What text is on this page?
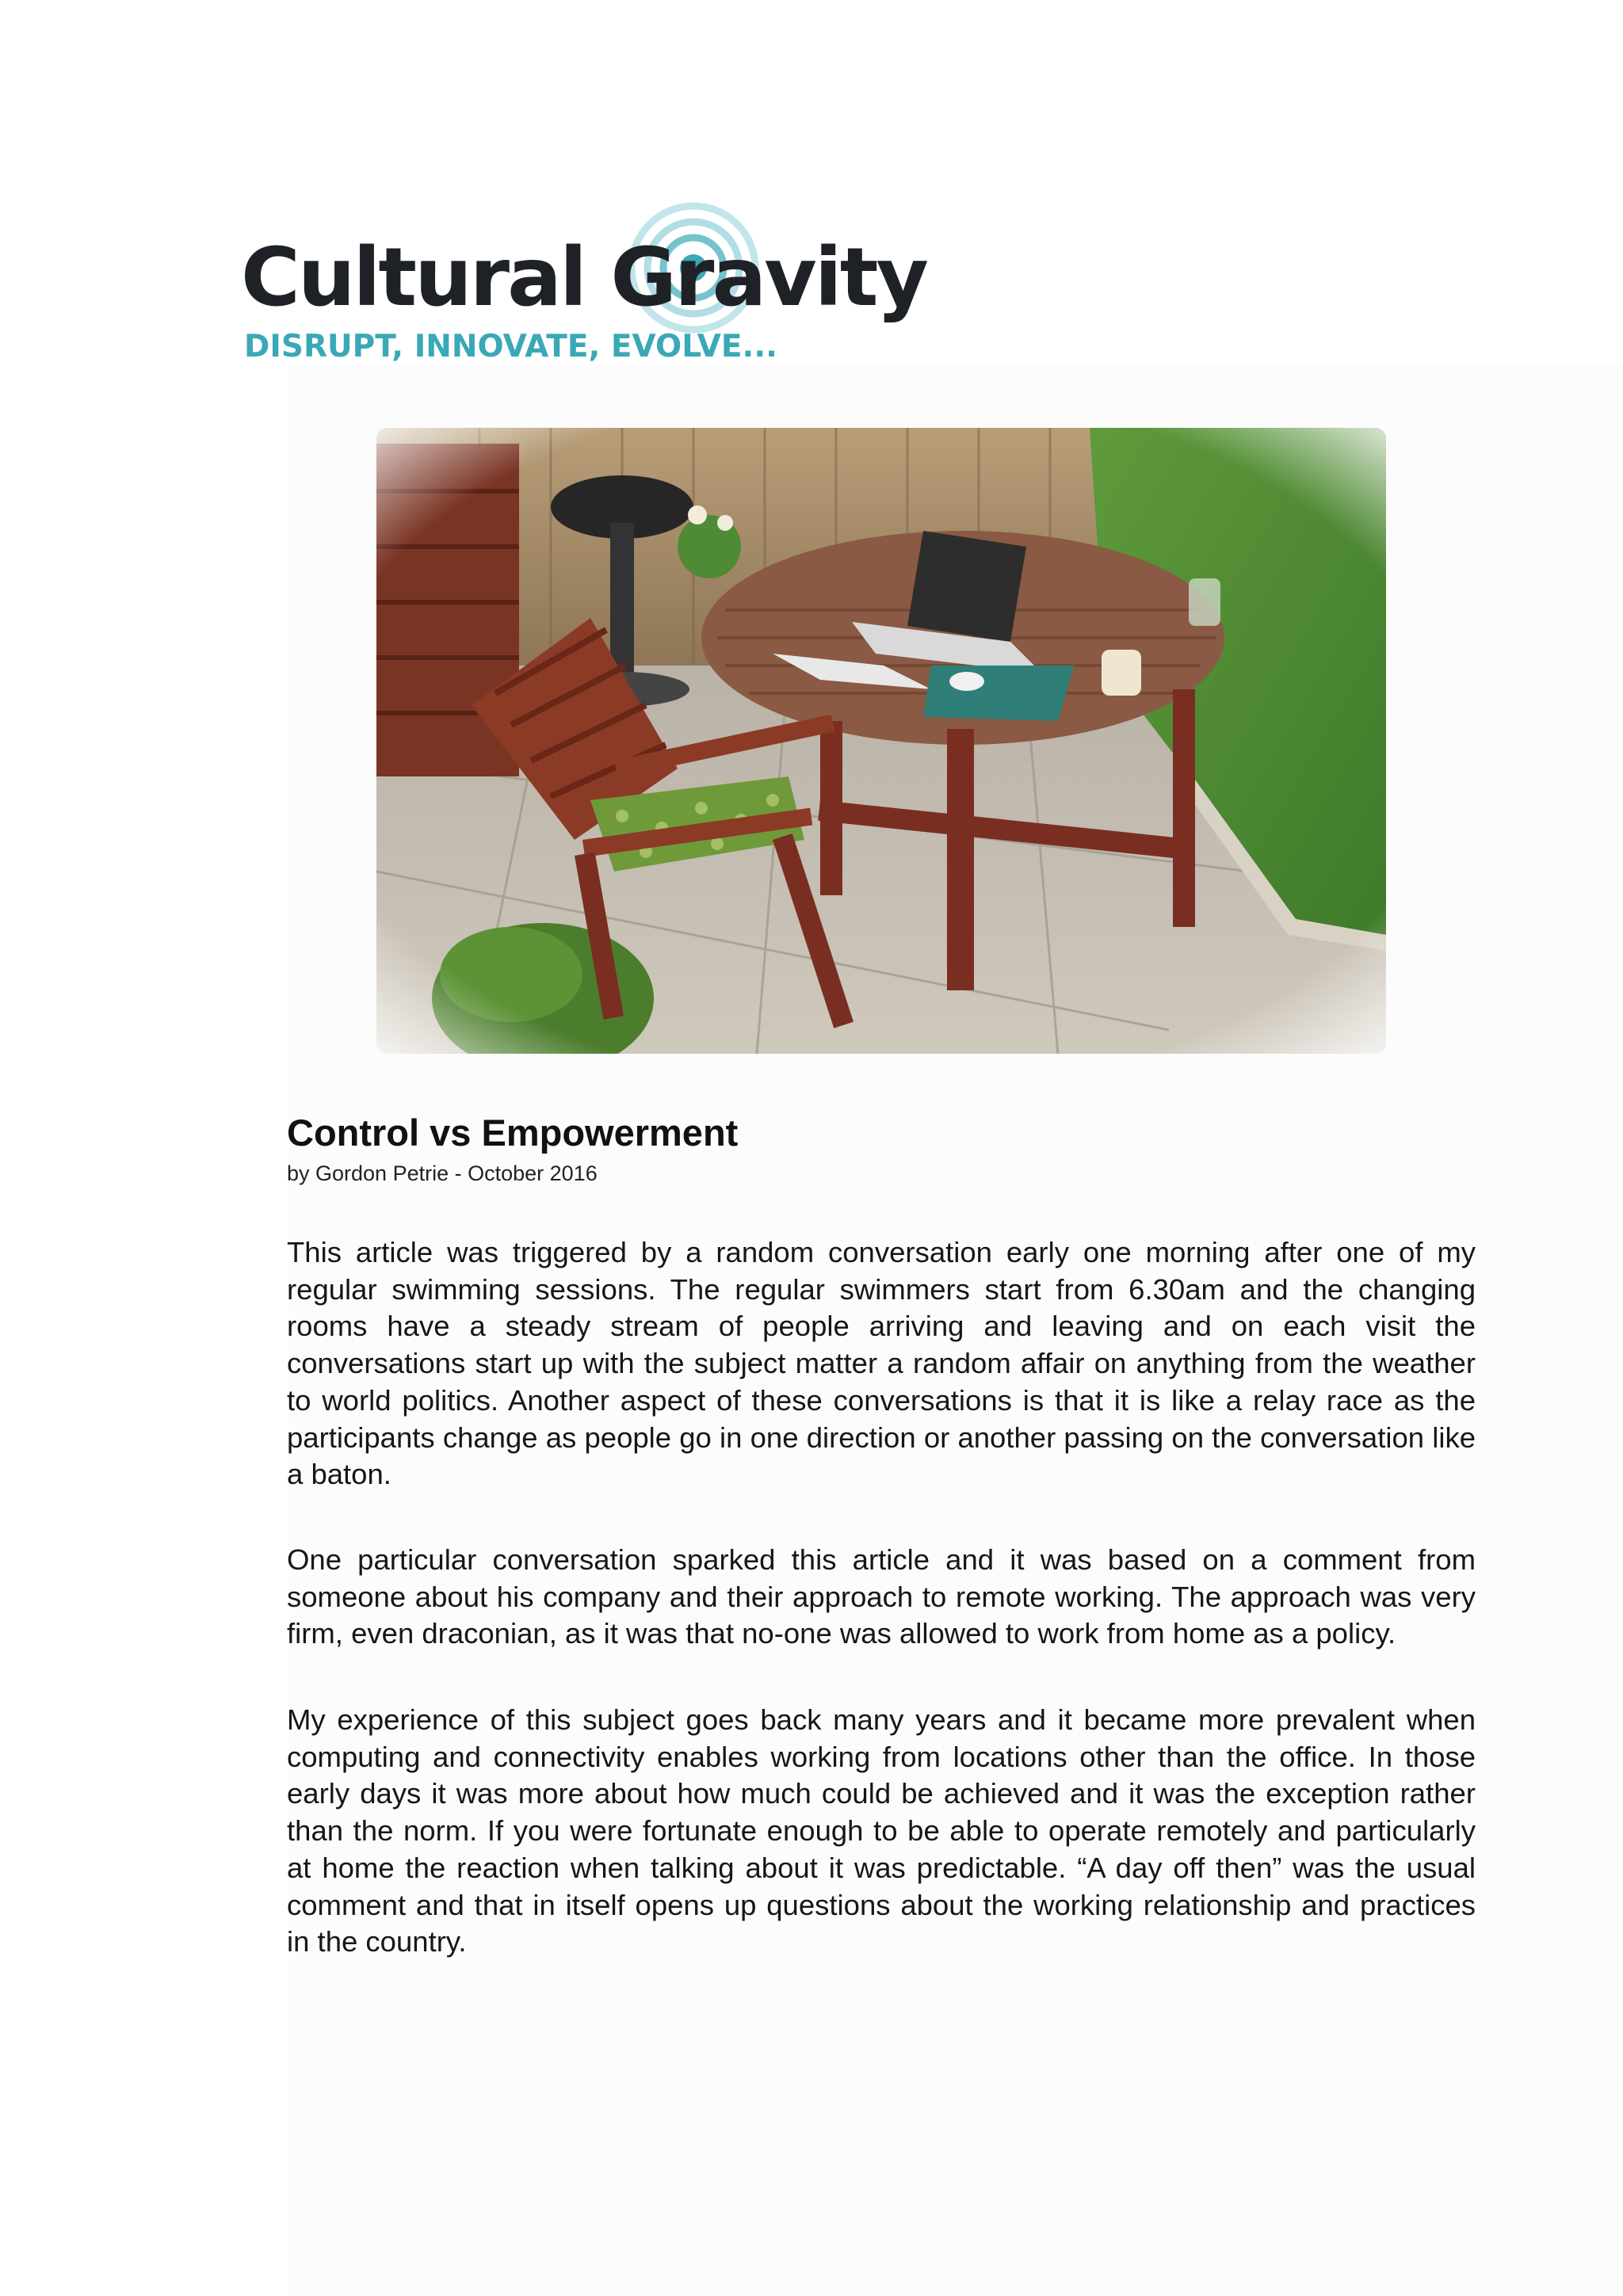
Cultural Gravity
DISRUPT, INNOVATE, EVOLVE...
Control vs Empowerment
by Gordon Petrie - October 2016

This article was triggered by a random conversation early one morning after one of my regular swimming sessions. The regular swimmers start from 6.30am and the changing rooms have a steady stream of people arriving and leaving and on each visit the conversations start up with the subject matter a random affair on anything from the weather to world politics. Another aspect of these conversations is that it is like a relay race as the participants change as people go in one direction or another passing on the conversation like a baton.

One particular conversation sparked this article and it was based on a comment from someone about his company and their approach to remote working. The approach was very firm, even draconian, as it was that no-one was allowed to work from home as a policy.

My experience of this subject goes back many years and it became more prevalent when computing and connectivity enables working from locations other than the office. In those early days it was more about how much could be achieved and it was the exception rather than the norm. If you were fortunate enough to be able to operate remotely and particularly at home the reaction when talking about it was predictable. “A day off then” was the usual comment and that in itself opens up questions about the working relationship and practices in the country.
